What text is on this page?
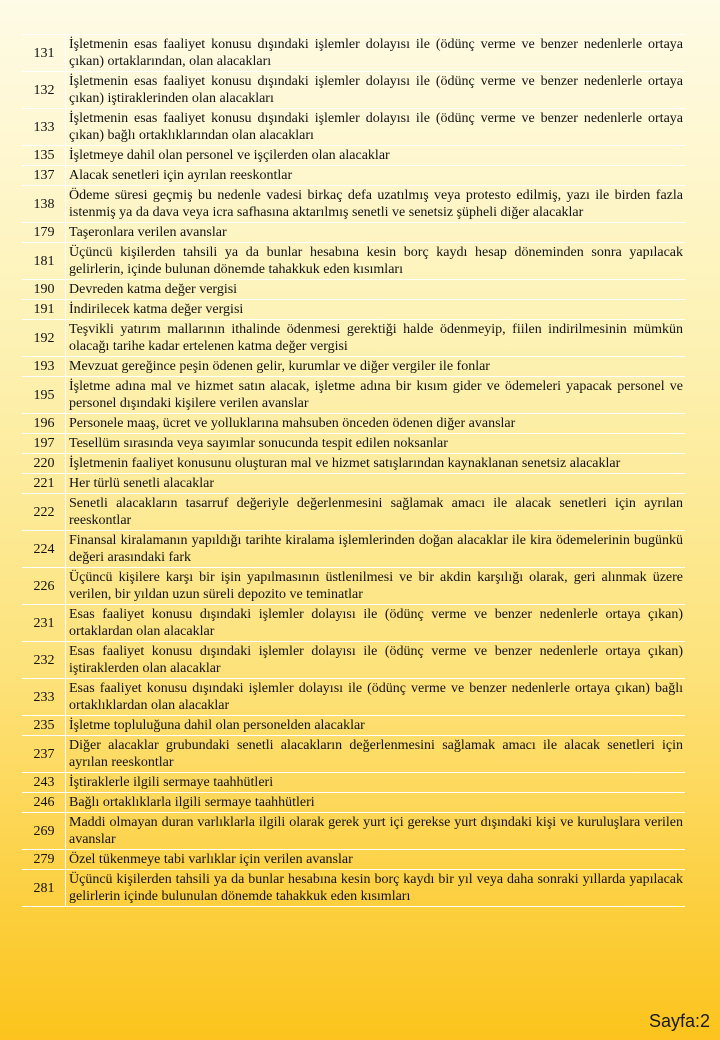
131	İşletmenin esas faaliyet konusu dışındaki işlemler dolayısı ile (ödünç verme ve benzer nedenlerle ortaya çıkan) ortaklarından, olan alacakları
132	İşletmenin esas faaliyet konusu dışındaki işlemler dolayısı ile (ödünç verme ve benzer nedenlerle ortaya çıkan) iştiraklerinden olan alacakları
133	İşletmenin esas faaliyet konusu dışındaki işlemler dolayısı ile (ödünç verme ve benzer nedenlerle ortaya çıkan) bağlı ortaklıklarından olan alacakları
135	İşletmeye dahil olan personel ve işçilerden olan alacaklar
137	Alacak senetleri için ayrılan reeskontlar
138	Ödeme süresi geçmiş bu nedenle vadesi birkaç defa uzatılmış veya protesto edilmiş, yazı ile birden fazla istenmiş ya da dava veya icra safhasına aktarılmış senetli ve senetsiz şüpheli diğer alacaklar
179	Taşeronlara verilen avanslar
181	Üçüncü kişilerden tahsili ya da bunlar hesabına kesin borç kaydı hesap döneminden sonra yapılacak gelirlerin, içinde bulunan dönemde tahakkuk eden kısımları
190	Devreden katma değer vergisi
191	İndirilecek katma değer vergisi
192	Teşvikli yatırım mallarının ithalinde ödenmesi gerektiği halde ödenmeyip, fiilen indirilmesinin mümkün olacağı tarihe kadar ertelenen katma değer vergisi
193	Mevzuat gereğince peşin ödenen gelir, kurumlar ve diğer vergiler ile fonlar
195	İşletme adına mal ve hizmet satın alacak, işletme adına bir kısım gider ve ödemeleri yapacak personel ve personel dışındaki kişilere verilen avanslar
196	Personele maaş, ücret ve yolluklarına mahsuben önceden ödenen diğer avanslar
197	Tesellüm sırasında veya sayımlar sonucunda tespit edilen noksanlar
220	İşletmenin faaliyet konusunu oluşturan mal ve hizmet satışlarından kaynaklanan senetsiz alacaklar
221	Her türlü senetli alacaklar
222	Senetli alacakların tasarruf değeriyle değerlenmesini sağlamak amacı ile alacak senetleri için ayrılan reeskontlar
224	Finansal kiralamanın yapıldığı tarihte kiralama işlemlerinden doğan alacaklar ile kira ödemelerinin bugünkü değeri arasındaki fark
226	Üçüncü kişilere karşı bir işin yapılmasının üstlenilmesi ve bir akdin karşılığı olarak, geri alınmak üzere verilen, bir yıldan uzun süreli depozito ve teminatlar
231	Esas faaliyet konusu dışındaki işlemler dolayısı ile (ödünç verme ve benzer nedenlerle ortaya çıkan) ortaklardan olan alacaklar
232	Esas faaliyet konusu dışındaki işlemler dolayısı ile (ödünç verme ve benzer nedenlerle ortaya çıkan) iştiraklerden olan alacaklar
233	Esas faaliyet konusu dışındaki işlemler dolayısı ile (ödünç verme ve benzer nedenlerle ortaya çıkan) bağlı ortaklıklardan olan alacaklar
235	İşletme topluluğuna dahil olan personelden alacaklar
237	Diğer alacaklar grubundaki senetli alacakların değerlenmesini sağlamak amacı ile alacak senetleri için ayrılan reeskontlar
243	İştiraklerle ilgili sermaye taahhütleri
246	Bağlı ortaklıklarla ilgili sermaye taahhütleri
269	Maddi olmayan duran varlıklarla ilgili olarak gerek yurt içi gerekse yurt dışındaki kişi ve kuruluşlara verilen avanslar
279	Özel tükenmeye tabi varlıklar için verilen avanslar
281	Üçüncü kişilerden tahsili ya da bunlar hesabına kesin borç kaydı bir yıl veya daha sonraki yıllarda yapılacak gelirlerin içinde bulunulan dönemde tahakkuk eden kısımları
Sayfa:2
